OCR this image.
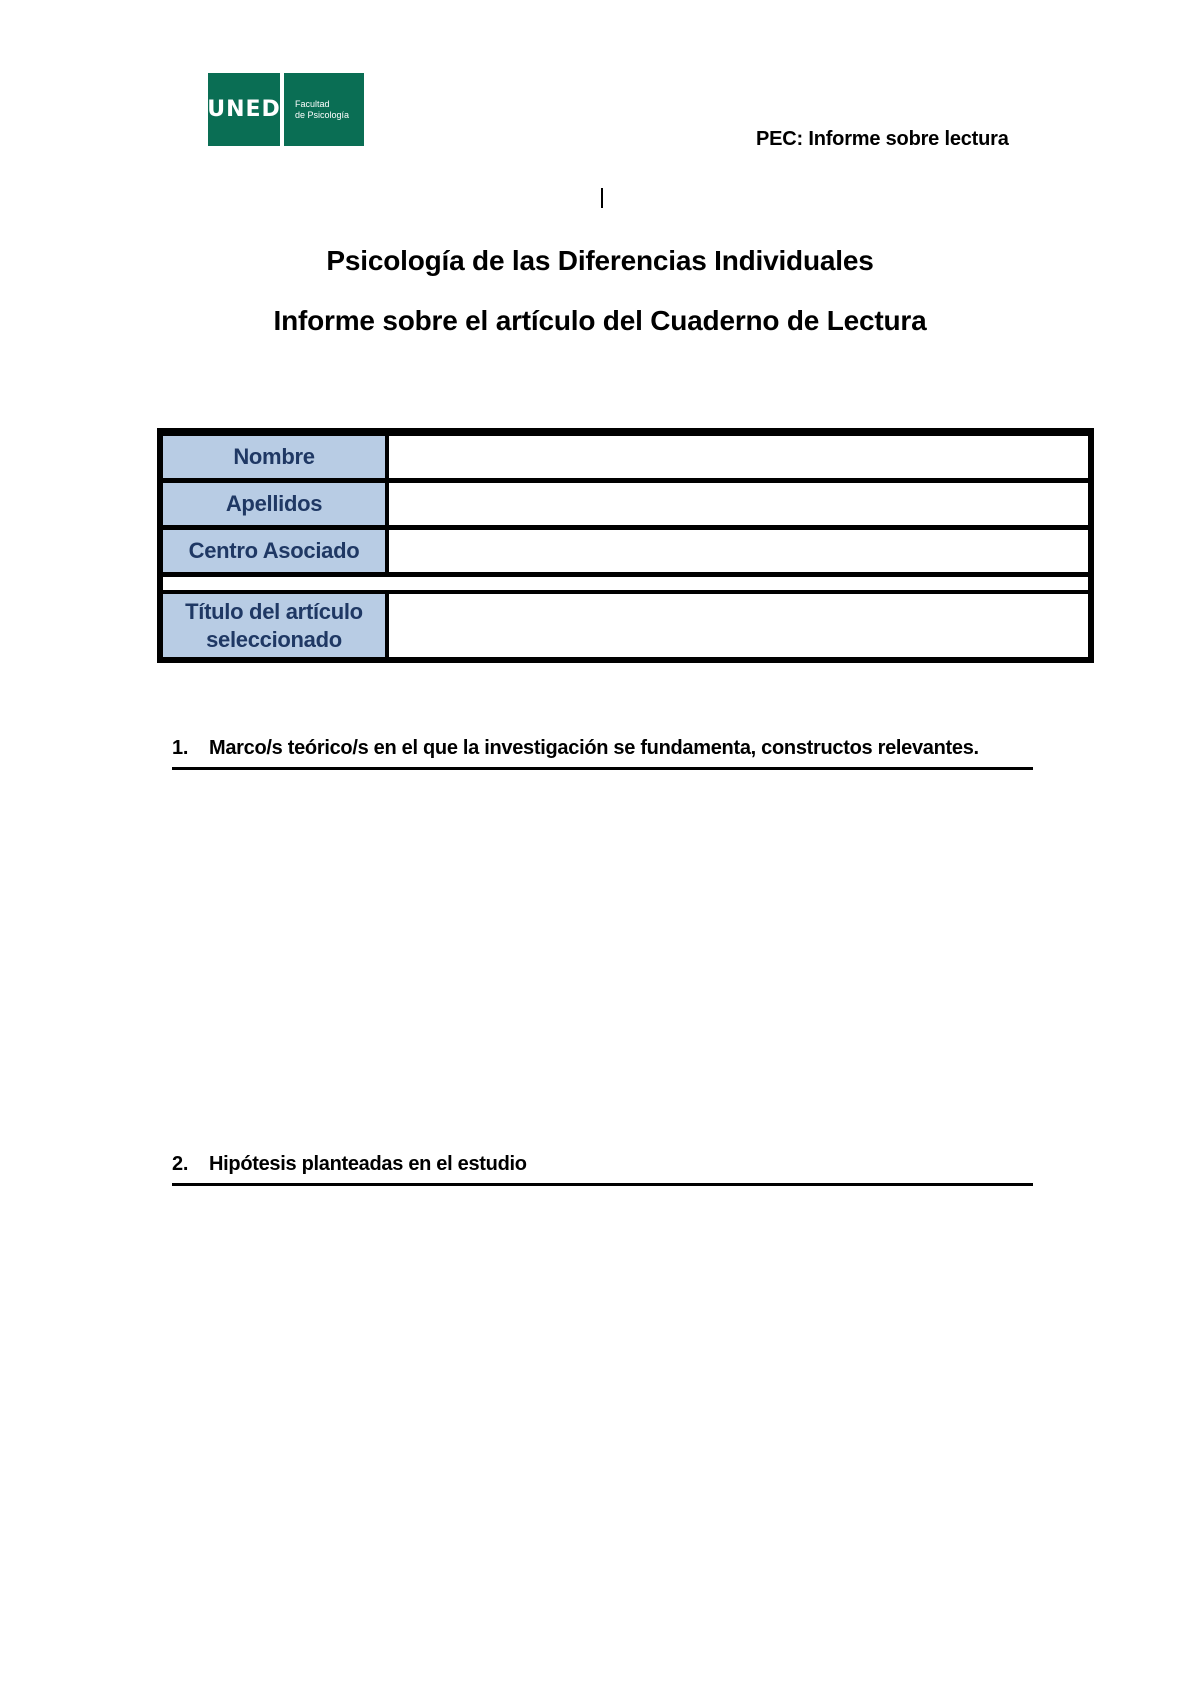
UNED Facultad
de Psicología
PEC: Informe sobre lectura
Psicología de las Diferencias Individuales
Informe sobre el artículo del Cuaderno de Lectura
Nombre
Apellidos
Centro Asociado
Título del artículo seleccionado
1.	Marco/s teórico/s en el que la investigación se fundamenta, constructos relevantes.
2.	Hipótesis planteadas en el estudio
